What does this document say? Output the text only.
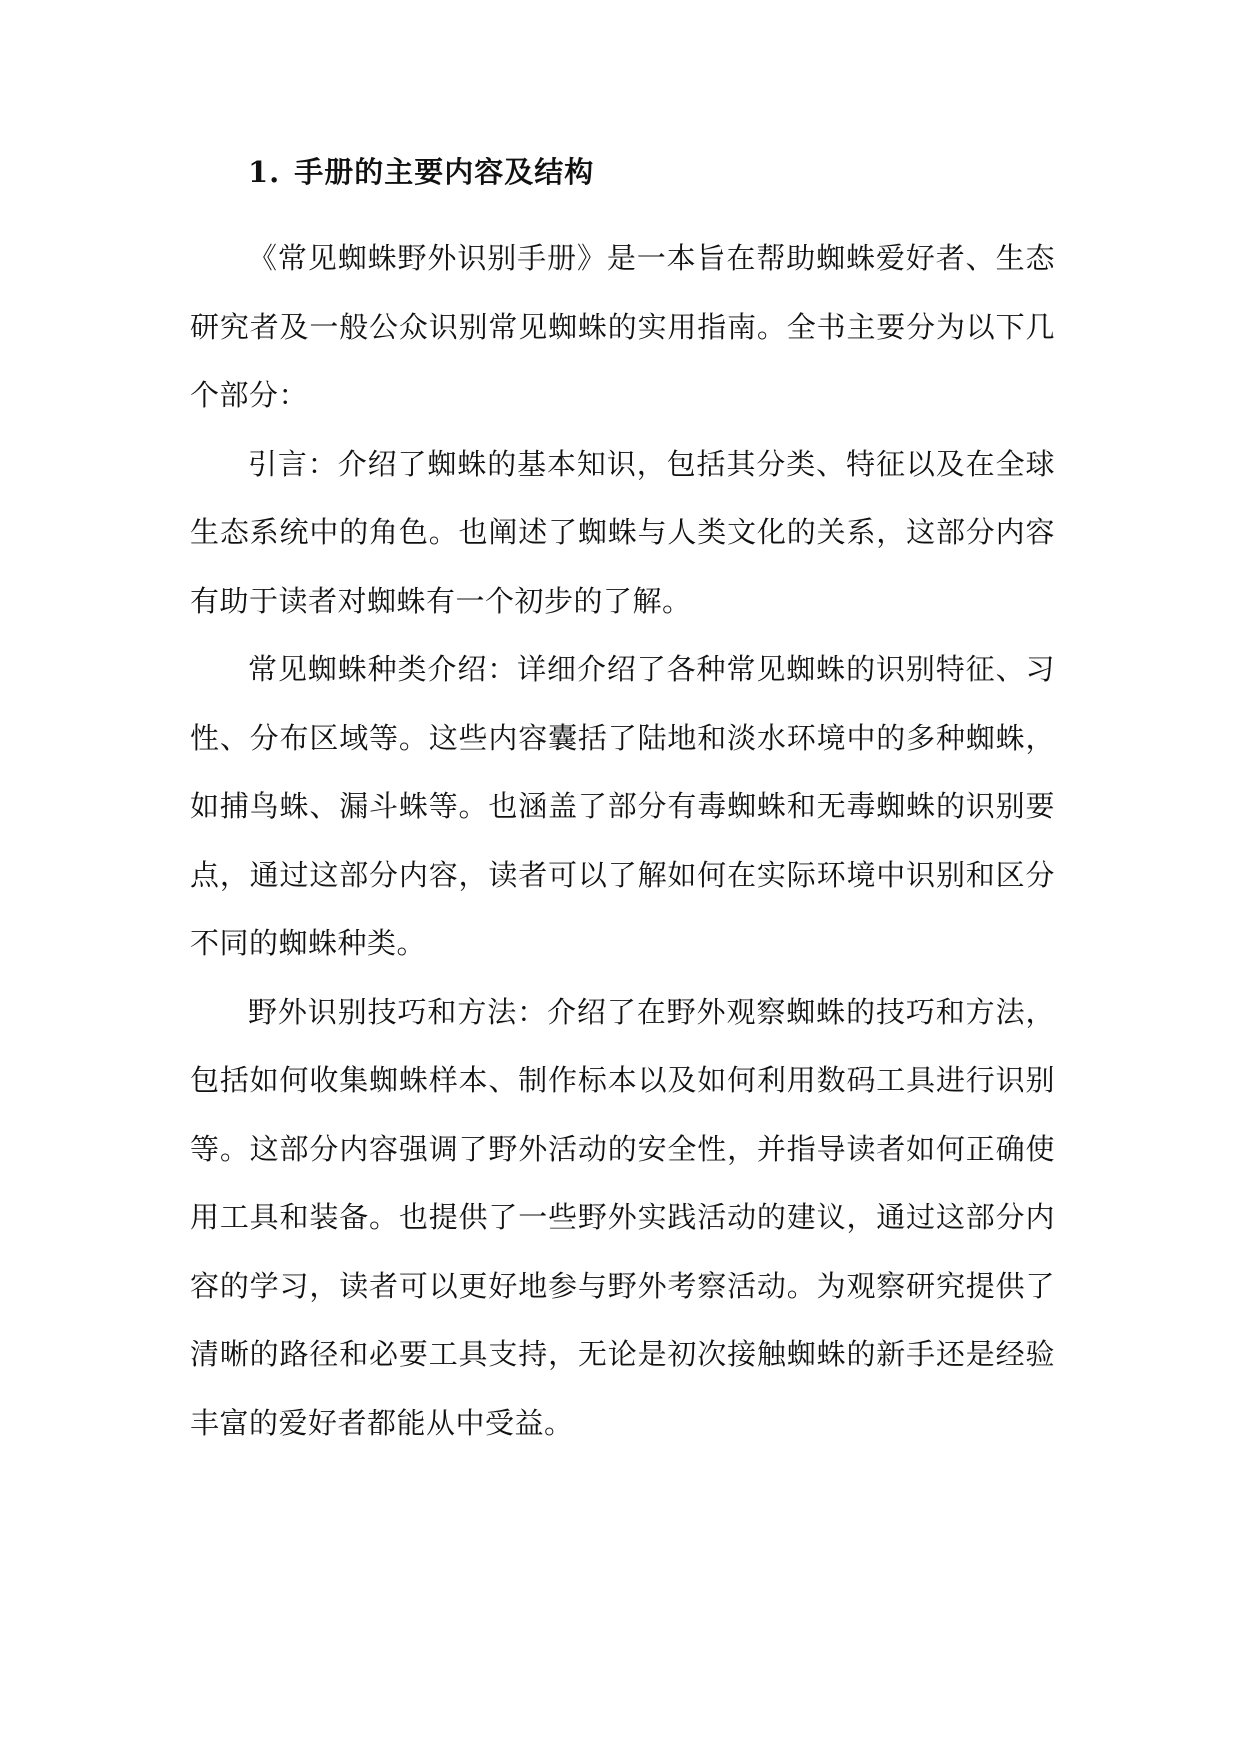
1. 手册的主要内容及结构

《常见蜘蛛野外识别手册》是一本旨在帮助蜘蛛爱好者、生态研究者及一般公众识别常见蜘蛛的实用指南。全书主要分为以下几个部分：

引言：介绍了蜘蛛的基本知识，包括其分类、特征以及在全球生态系统中的角色。也阐述了蜘蛛与人类文化的关系，这部分内容有助于读者对蜘蛛有一个初步的了解。

常见蜘蛛种类介绍：详细介绍了各种常见蜘蛛的识别特征、习性、分布区域等。这些内容囊括了陆地和淡水环境中的多种蜘蛛，如捕鸟蛛、漏斗蛛等。也涵盖了部分有毒蜘蛛和无毒蜘蛛的识别要点，通过这部分内容，读者可以了解如何在实际环境中识别和区分不同的蜘蛛种类。

野外识别技巧和方法：介绍了在野外观察蜘蛛的技巧和方法，包括如何收集蜘蛛样本、制作标本以及如何利用数码工具进行识别等。这部分内容强调了野外活动的安全性，并指导读者如何正确使用工具和装备。也提供了一些野外实践活动的建议，通过这部分内容的学习，读者可以更好地参与野外考察活动。为观察研究提供了清晰的路径和必要工具支持，无论是初次接触蜘蛛的新手还是经验丰富的爱好者都能从中受益。
